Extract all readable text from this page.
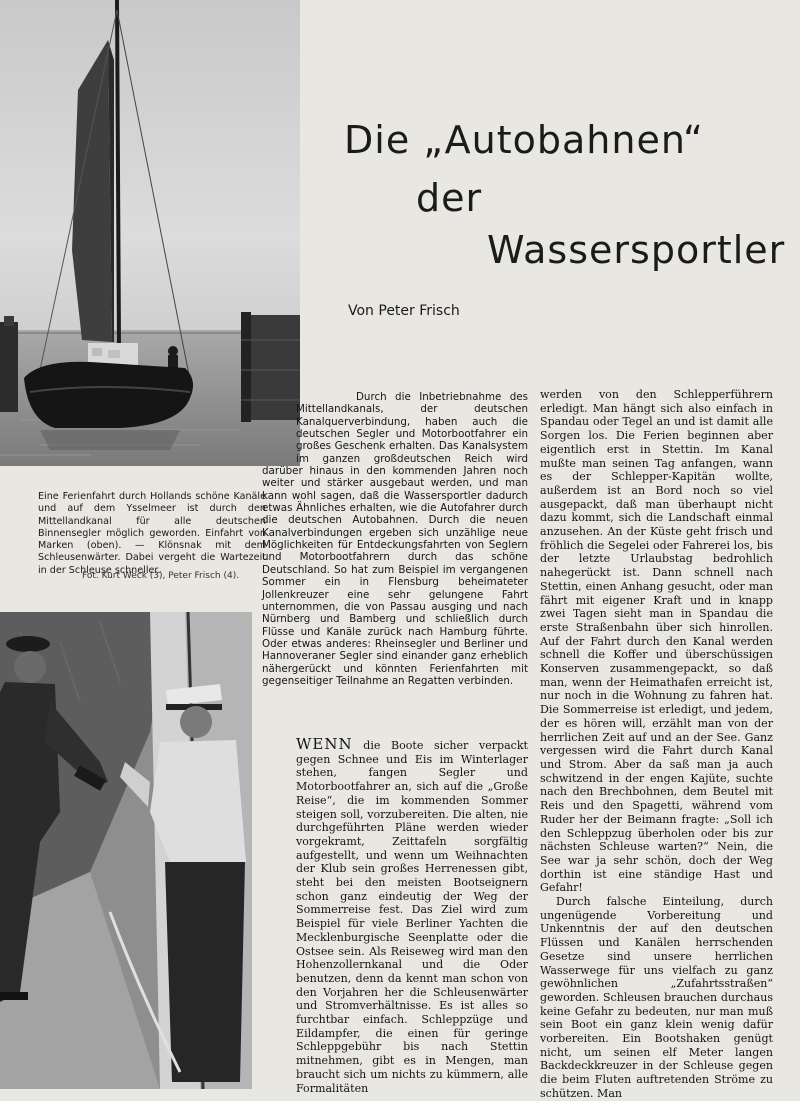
Die „Autobahnen“
der
Wassersportler
Von Peter Frisch
Eine Ferienfahrt durch Hollands schöne Kanäle und auf dem Ysselmeer ist durch den Mittellandkanal für alle deutschen Binnensegler möglich geworden. Einfahrt von Marken (oben). — Klönsnak mit dem Schleusenwärter. Dabei vergeht die Wartezeit in der Schleuse schneller.
Fot. Kurt Weck (3), Peter Frisch (4).
Durch die Inbetriebnahme des Mittellandkanals, der deutschen Kanalquerverbindung, haben auch die deutschen Segler und Motorbootfahrer ein großes Geschenk erhalten. Das Kanalsystem im ganzen großdeutschen Reich wird darüber hinaus in den kommenden Jahren noch weiter und stärker ausgebaut werden, und man kann wohl sagen, daß die Wassersportler dadurch etwas Ähnliches erhalten, wie die Autofahrer durch die deutschen Autobahnen. Durch die neuen Kanalverbindungen ergeben sich unzählige neue Möglichkeiten für Entdeckungsfahrten von Seglern und Motorbootfahrern durch das schöne Deutschland. So hat zum Beispiel im vergangenen Sommer ein in Flensburg beheimateter Jollenkreuzer eine sehr gelungene Fahrt unternommen, die von Passau ausging und nach Nürnberg und Bamberg und schließlich durch Flüsse und Kanäle zurück nach Hamburg führte. Oder etwas anderes: Rheinsegler und Berliner und Hannoveraner Segler sind einander ganz erheblich nähergerückt und könnten Ferienfahrten mit gegenseitiger Teilnahme an Regatten verbinden.

WENN die Boote sicher verpackt gegen Schnee und Eis im Winterlager stehen, fangen Segler und Motorbootfahrer an, sich auf die „Große Reise“, die im kommenden Sommer steigen soll, vorzubereiten. Die alten, nie durchgeführten Pläne werden wieder vorgekramt, Zeittafeln sorgfältig aufgestellt, und wenn um Weihnachten der Klub sein großes Herrenessen gibt, steht bei den meisten Bootseignern schon ganz eindeutig der Weg der Sommerreise fest. Das Ziel wird zum Beispiel für viele Berliner Yachten die Mecklenburgische Seenplatte oder die Ostsee sein. Als Reiseweg wird man den Hohenzollernkanal und die Oder benutzen, denn da kennt man schon von den Vorjahren her die Schleusenwärter und Stromverhältnisse. Es ist alles so furchtbar einfach. Schleppzüge und Eildampfer, die einen für geringe Schleppgebühr bis nach Stettin mitnehmen, gibt es in Mengen, man braucht sich um nichts zu kümmern, alle Formalitäten

werden von den Schlepperführern erledigt. Man hängt sich also einfach in Spandau oder Tegel an und ist damit alle Sorgen los. Die Ferien beginnen aber eigentlich erst in Stettin. Im Kanal mußte man seinen Tag anfangen, wann es der Schlepper-Kapitän wollte, außerdem ist an Bord noch so viel ausgepackt, daß man überhaupt nicht dazu kommt, sich die Landschaft einmal anzusehen. An der Küste geht frisch und fröhlich die Segelei oder Fahrerei los, bis der letzte Urlaubstag bedrohlich nahegerückt ist. Dann schnell nach Stettin, einen Anhang gesucht, oder man fährt mit eigener Kraft und in knapp zwei Tagen sieht man in Spandau die erste Straßenbahn über sich hinrollen. Auf der Fahrt durch den Kanal werden schnell die Koffer und überschüssigen Konserven zusammengepackt, so daß man, wenn der Heimathafen erreicht ist, nur noch in die Wohnung zu fahren hat. Die Sommerreise ist erledigt, und jedem, der es hören will, erzählt man von der herrlichen Zeit auf und an der See. Ganz vergessen wird die Fahrt durch Kanal und Strom. Aber da saß man ja auch schwitzend in der engen Kajüte, suchte nach den Brechbohnen, dem Beutel mit Reis und den Spagetti, während vom Ruder her der Beimann fragte: „Soll ich den Schleppzug überholen oder bis zur nächsten Schleuse warten?“ Nein, die See war ja sehr schön, doch der Weg dorthin ist eine ständige Hast und Gefahr!

Durch falsche Einteilung, durch ungenügende Vorbereitung und Unkenntnis der auf den deutschen Flüssen und Kanälen herrschenden Gesetze sind unsere herrlichen Wasserwege für uns vielfach zu ganz gewöhnlichen „Zufahrtsstraßen“ geworden. Schleusen brauchen durchaus keine Gefahr zu bedeuten, nur man muß sein Boot ein ganz klein wenig dafür vorbereiten. Ein Bootshaken genügt nicht, um seinen elf Meter langen Backdeckkreuzer in der Schleuse gegen die beim Fluten auftretenden Ströme zu schützen. Man
